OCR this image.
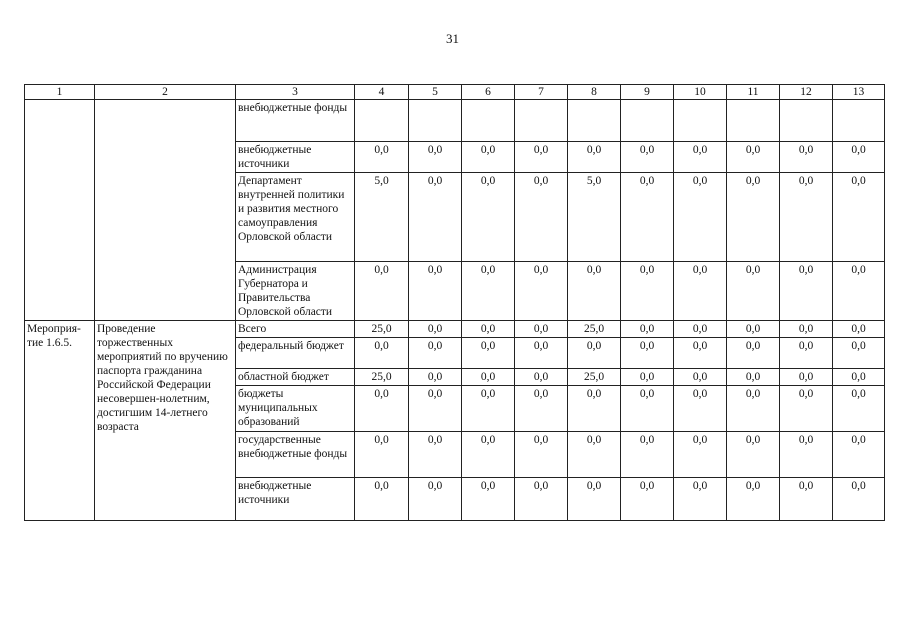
31
1	2	3	4	5	6	7	8	9	10	11	12	13
		внебюджетные фонды										
		внебюджетные источники	0,0	0,0	0,0	0,0	0,0	0,0	0,0	0,0	0,0	0,0
		Департамент внутренней политики и развития местного самоуправления Орловской области	5,0	0,0	0,0	0,0	5,0	0,0	0,0	0,0	0,0	0,0
		Администрация Губернатора и Правительства Орловской области	0,0	0,0	0,0	0,0	0,0	0,0	0,0	0,0	0,0	0,0
Мероприя-тие 1.6.5.	Проведение торжественных мероприятий по вручению паспорта гражданина Российской Федерации несовершен-нолетним, достигшим 14-летнего возраста	Всего	25,0	0,0	0,0	0,0	25,0	0,0	0,0	0,0	0,0	0,0
		федеральный бюджет	0,0	0,0	0,0	0,0	0,0	0,0	0,0	0,0	0,0	0,0
		областной бюджет	25,0	0,0	0,0	0,0	25,0	0,0	0,0	0,0	0,0	0,0
		бюджеты муниципальных образований	0,0	0,0	0,0	0,0	0,0	0,0	0,0	0,0	0,0	0,0
		государственные внебюджетные фонды	0,0	0,0	0,0	0,0	0,0	0,0	0,0	0,0	0,0	0,0
		внебюджетные источники	0,0	0,0	0,0	0,0	0,0	0,0	0,0	0,0	0,0	0,0
